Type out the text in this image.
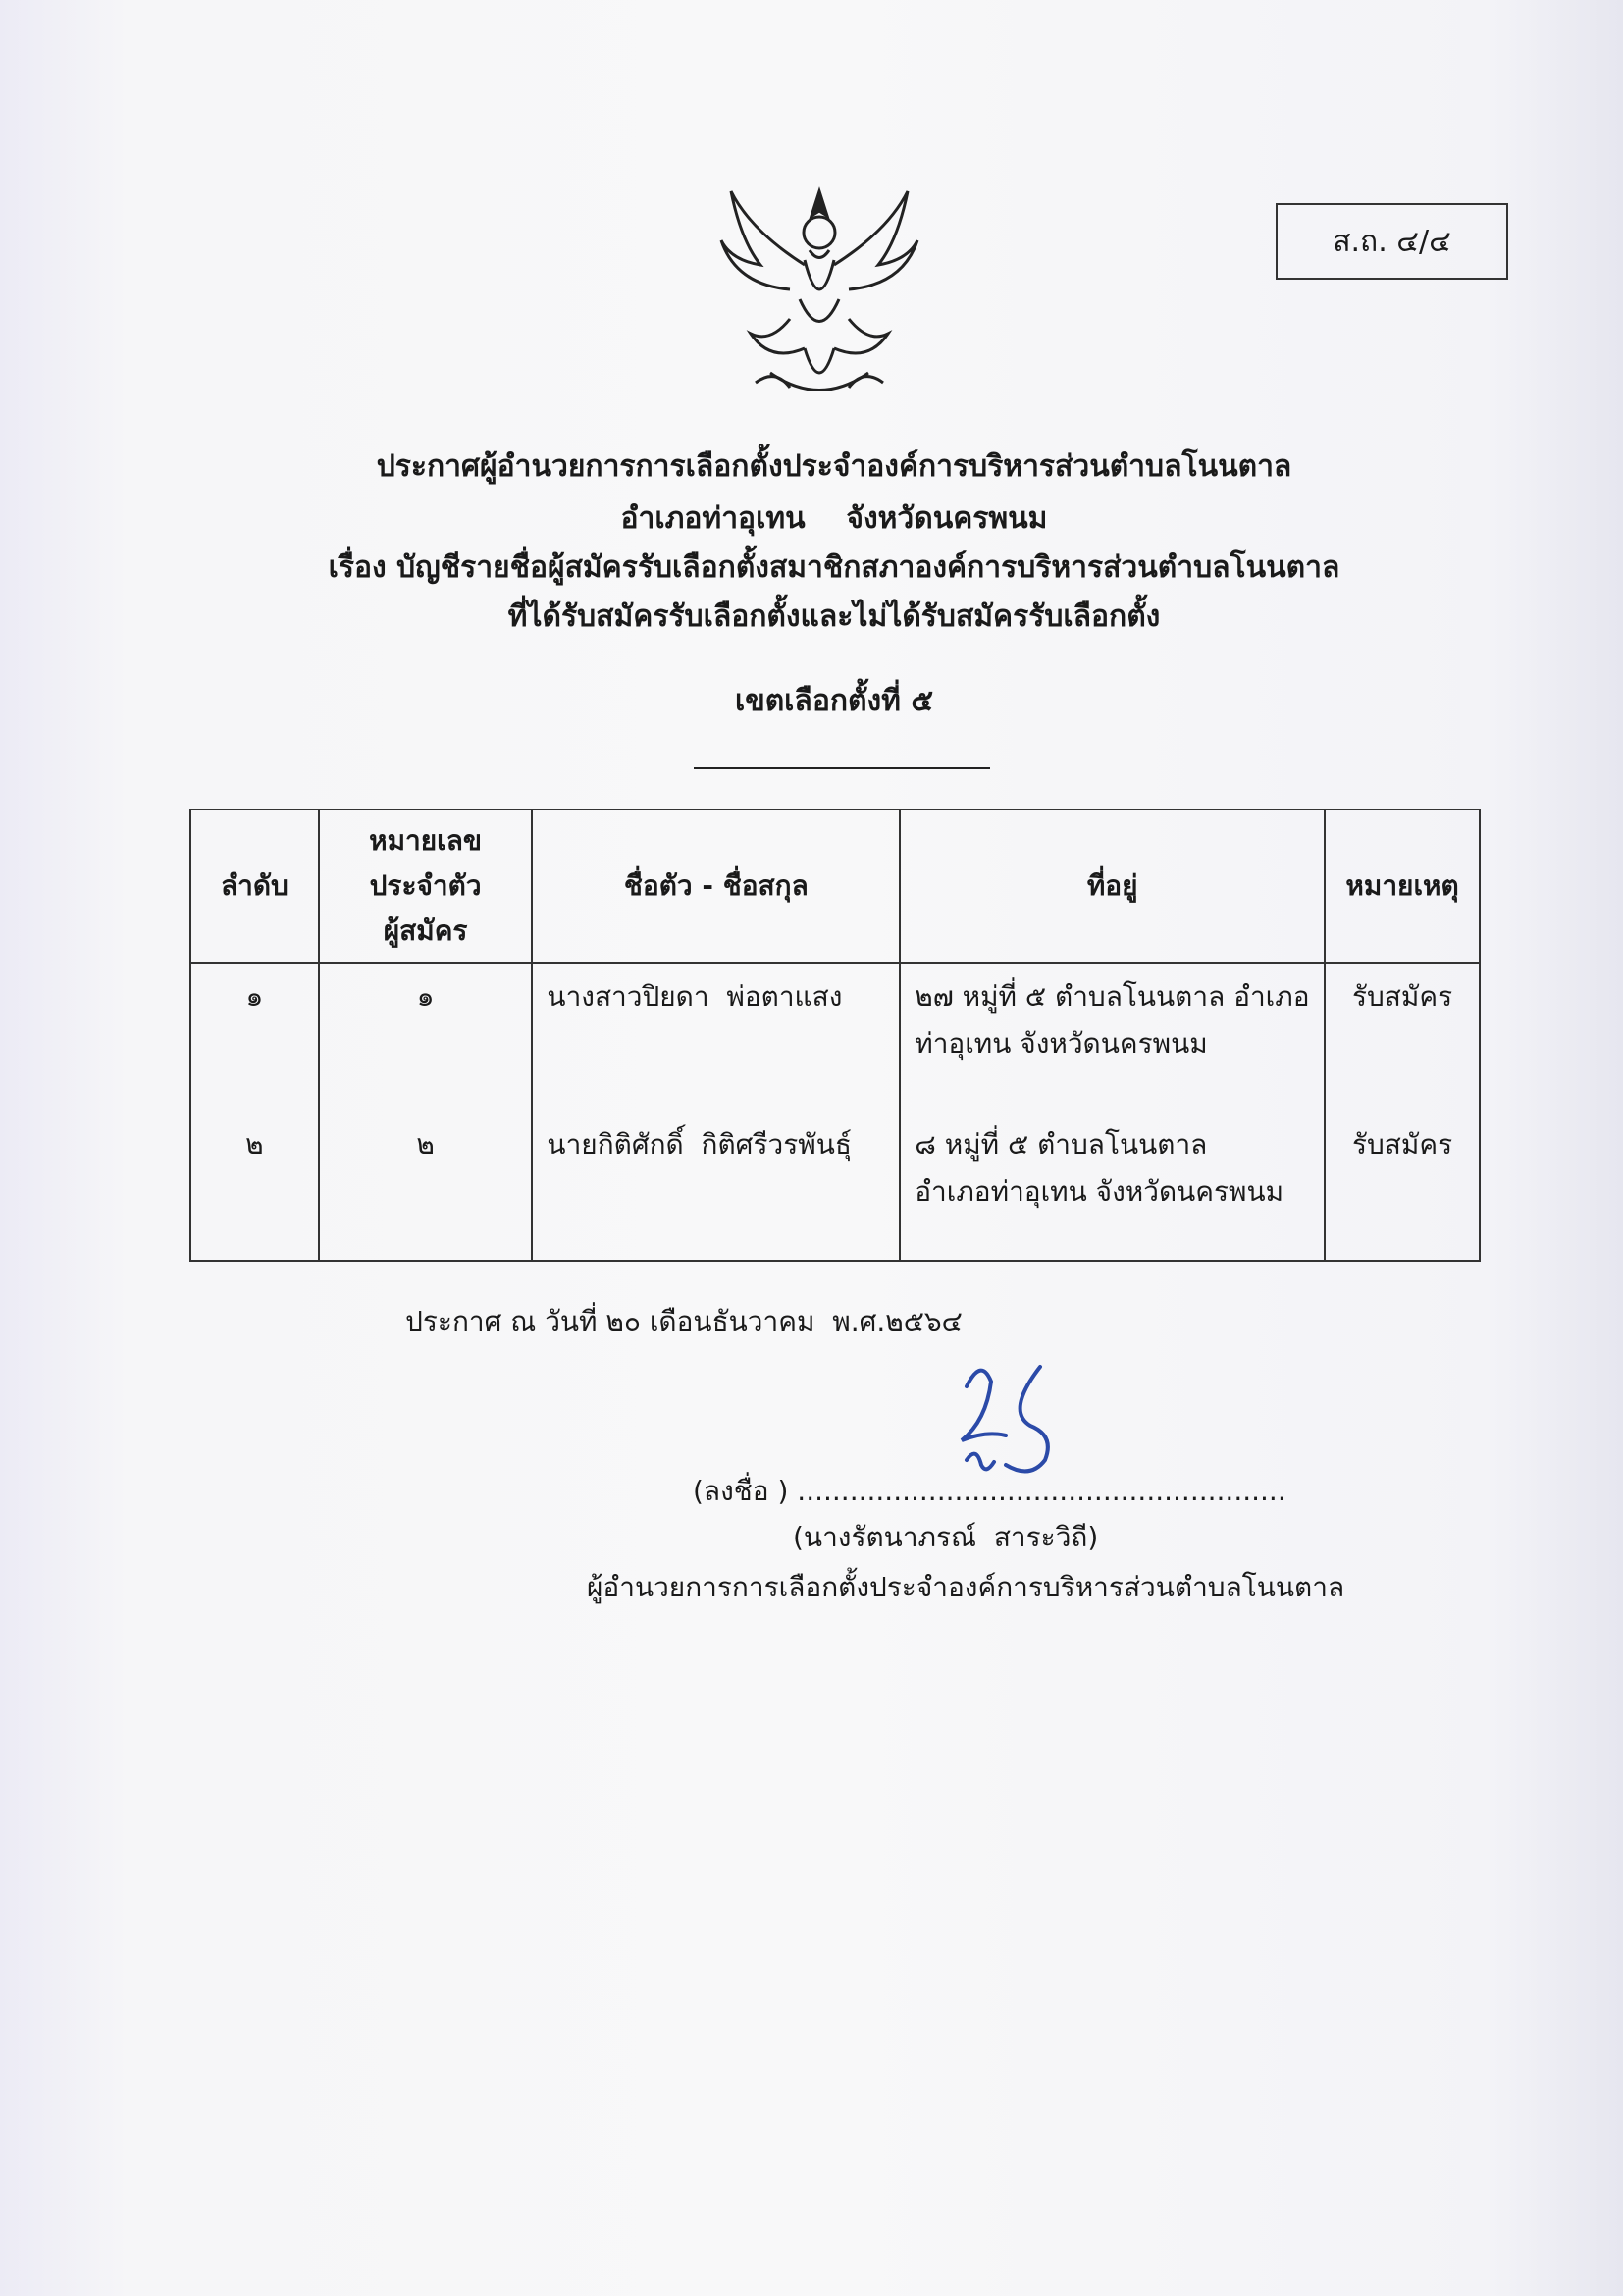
ส.ถ. ๔/๔
ประกาศผู้อำนวยการการเลือกตั้งประจำองค์การบริหารส่วนตำบลโนนตาล
อำเภอท่าอุเทน    จังหวัดนครพนม
เรื่อง บัญชีรายชื่อผู้สมัครรับเลือกตั้งสมาชิกสภาองค์การบริหารส่วนตำบลโนนตาล
ที่ได้รับสมัครรับเลือกตั้งและไม่ได้รับสมัครรับเลือกตั้ง
เขตเลือกตั้งที่ ๕
ลำดับ	หมายเลข
ประจำตัว
ผู้สมัคร	ชื่อตัว - ชื่อสกุล	ที่อยู่	หมายเหตุ
๑	๑	นางสาวปิยดา  พ่อตาแสง	๒๗ หมู่ที่ ๕ ตำบลโนนตาล อำเภอ
ท่าอุเทน จังหวัดนครพนม	รับสมัคร
๒	๒	นายกิติศักดิ์  กิติศรีวรพันธุ์	๘ หมู่ที่ ๕ ตำบลโนนตาล
อำเภอท่าอุเทน จังหวัดนครพนม	รับสมัคร
ประกาศ ณ วันที่ ๒๐ เดือนธันวาคม  พ.ศ.๒๕๖๔
(ลงชื่อ ) ........................................................
(นางรัตนาภรณ์  สาระวิถี)
ผู้อำนวยการการเลือกตั้งประจำองค์การบริหารส่วนตำบลโนนตาล
